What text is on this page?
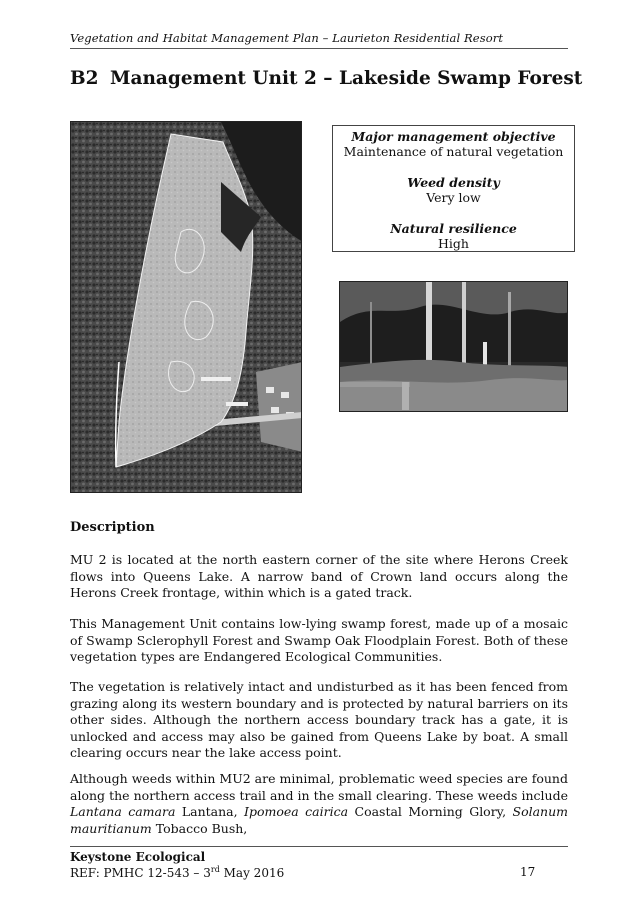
Vegetation and Habitat Management Plan – Laurieton Residential Resort
B2 Management Unit 2 – Lakeside Swamp Forest
Major management objective
Maintenance of natural vegetation
Weed density
Very low
Natural resilience
High
Description

MU 2 is located at the north eastern corner of the site where Herons Creek flows into Queens Lake. A narrow band of Crown land occurs along the Herons Creek frontage, within which is a gated track.

This Management Unit contains low-lying swamp forest, made up of a mosaic of Swamp Sclerophyll Forest and Swamp Oak Floodplain Forest. Both of these vegetation types are Endangered Ecological Communities.

The vegetation is relatively intact and undisturbed as it has been fenced from grazing along its western boundary and is protected by natural barriers on its other sides. Although the northern access boundary track has a gate, it is unlocked and access may also be gained from Queens Lake by boat. A small clearing occurs near the lake access point.

Although weeds within MU2 are minimal, problematic weed species are found along the northern access trail and in the small clearing. These weeds include Lantana camara Lantana, Ipomoea cairica Coastal Morning Glory, Solanum mauritianum Tobacco Bush,

Keystone Ecological
REF: PMHC 12-543 – 3rd May 2016	17
